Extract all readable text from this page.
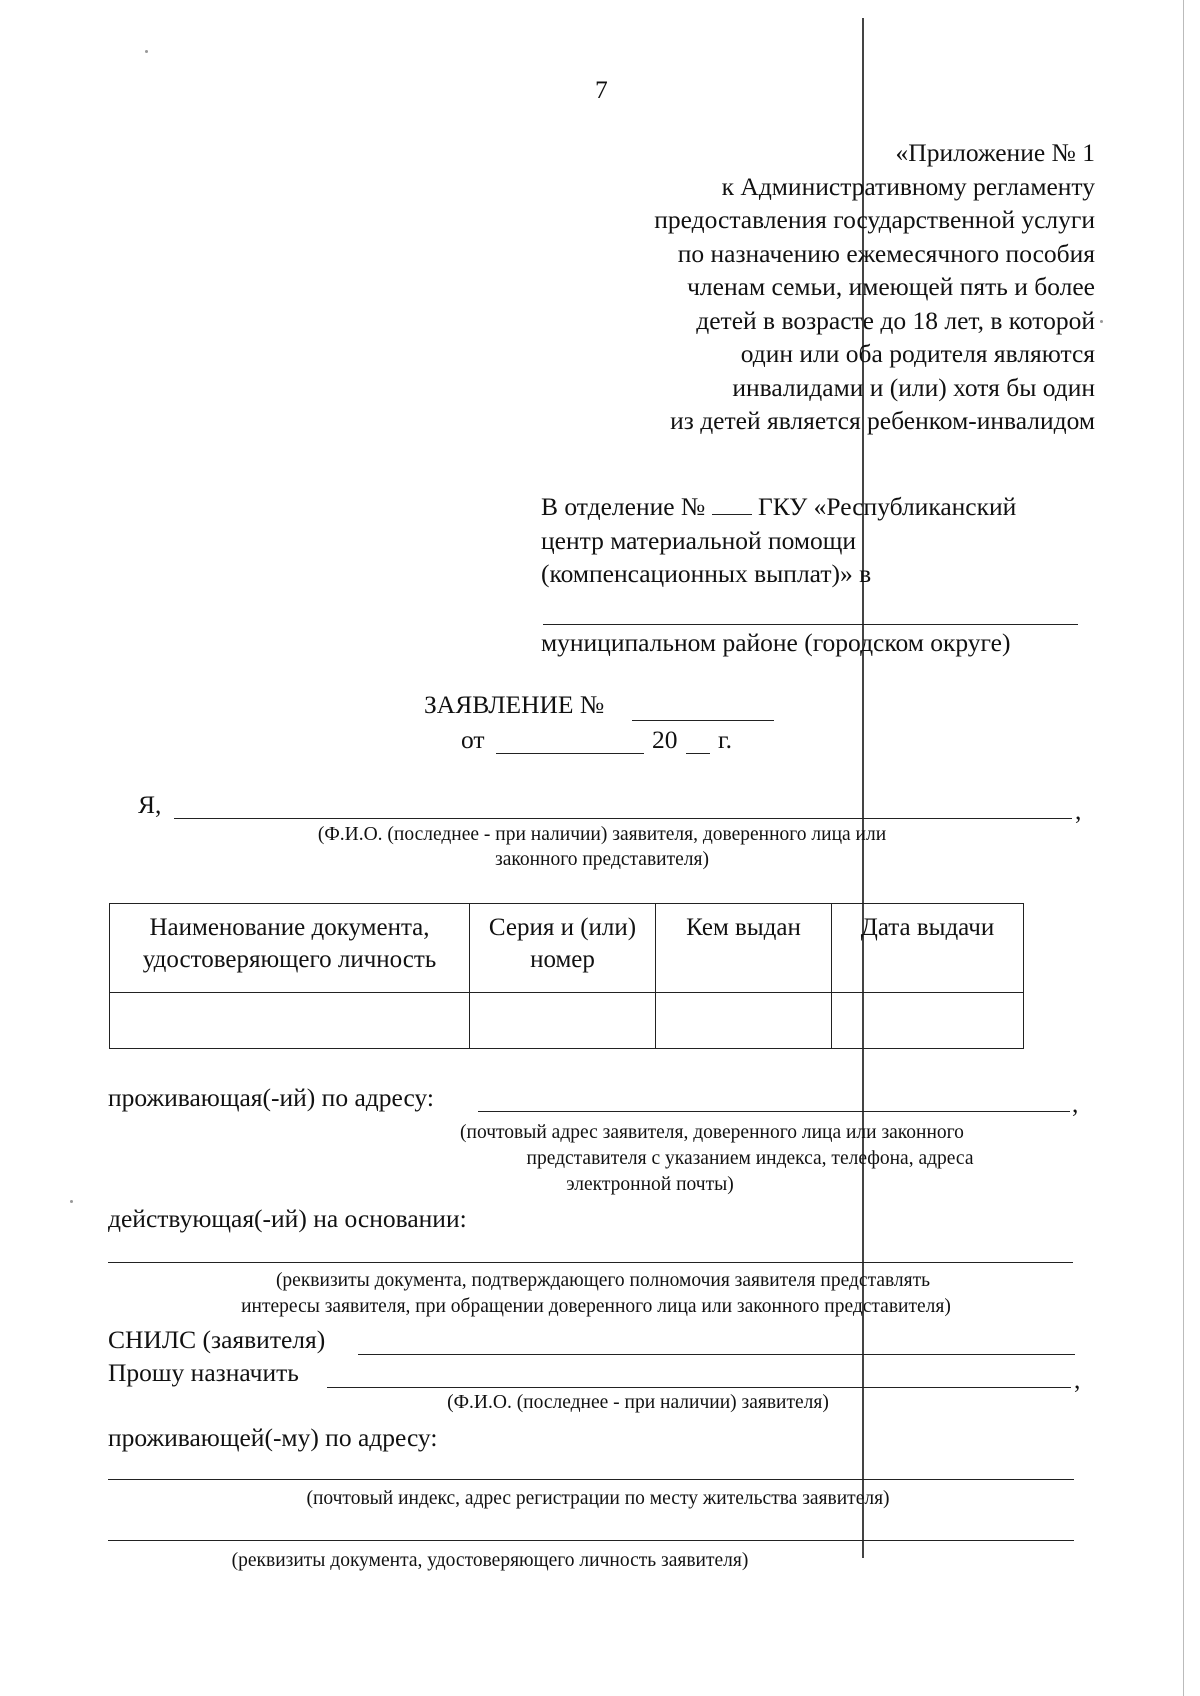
7
«Приложение № 1
к Административному регламенту
предоставления государственной услуги
по назначению ежемесячного пособия
членам семьи, имеющей пять и более
детей в возрасте до 18 лет, в которой
один или оба родителя являются
инвалидами и (или) хотя бы один
из детей является ребенком-инвалидом
В отделение № ГКУ «Республиканский
центр материальной помощи
(компенсационных выплат)» в
муниципальном районе (городском округе)
ЗАЯВЛЕНИЕ №
от	20 г.
Я,	,
(Ф.И.О. (последнее - при наличии) заявителя, доверенного лица или
законного представителя)
Наименование документа, удостоверяющего личность	Серия и (или) номер	Кем выдан	Дата выдачи

проживающая(-ий) по адресу:	,
(почтовый адрес заявителя, доверенного лица или законного
представителя с указанием индекса, телефона, адреса
электронной почты)
действующая(-ий) на основании:
(реквизиты документа, подтверждающего полномочия заявителя представлять
интересы заявителя, при обращении доверенного лица или законного представителя)
СНИЛС (заявителя)
Прошу назначить	,
(Ф.И.О. (последнее - при наличии) заявителя)
проживающей(-му) по адресу:
(почтовый индекс, адрес регистрации по месту жительства заявителя)
(реквизиты документа, удостоверяющего личность заявителя)
